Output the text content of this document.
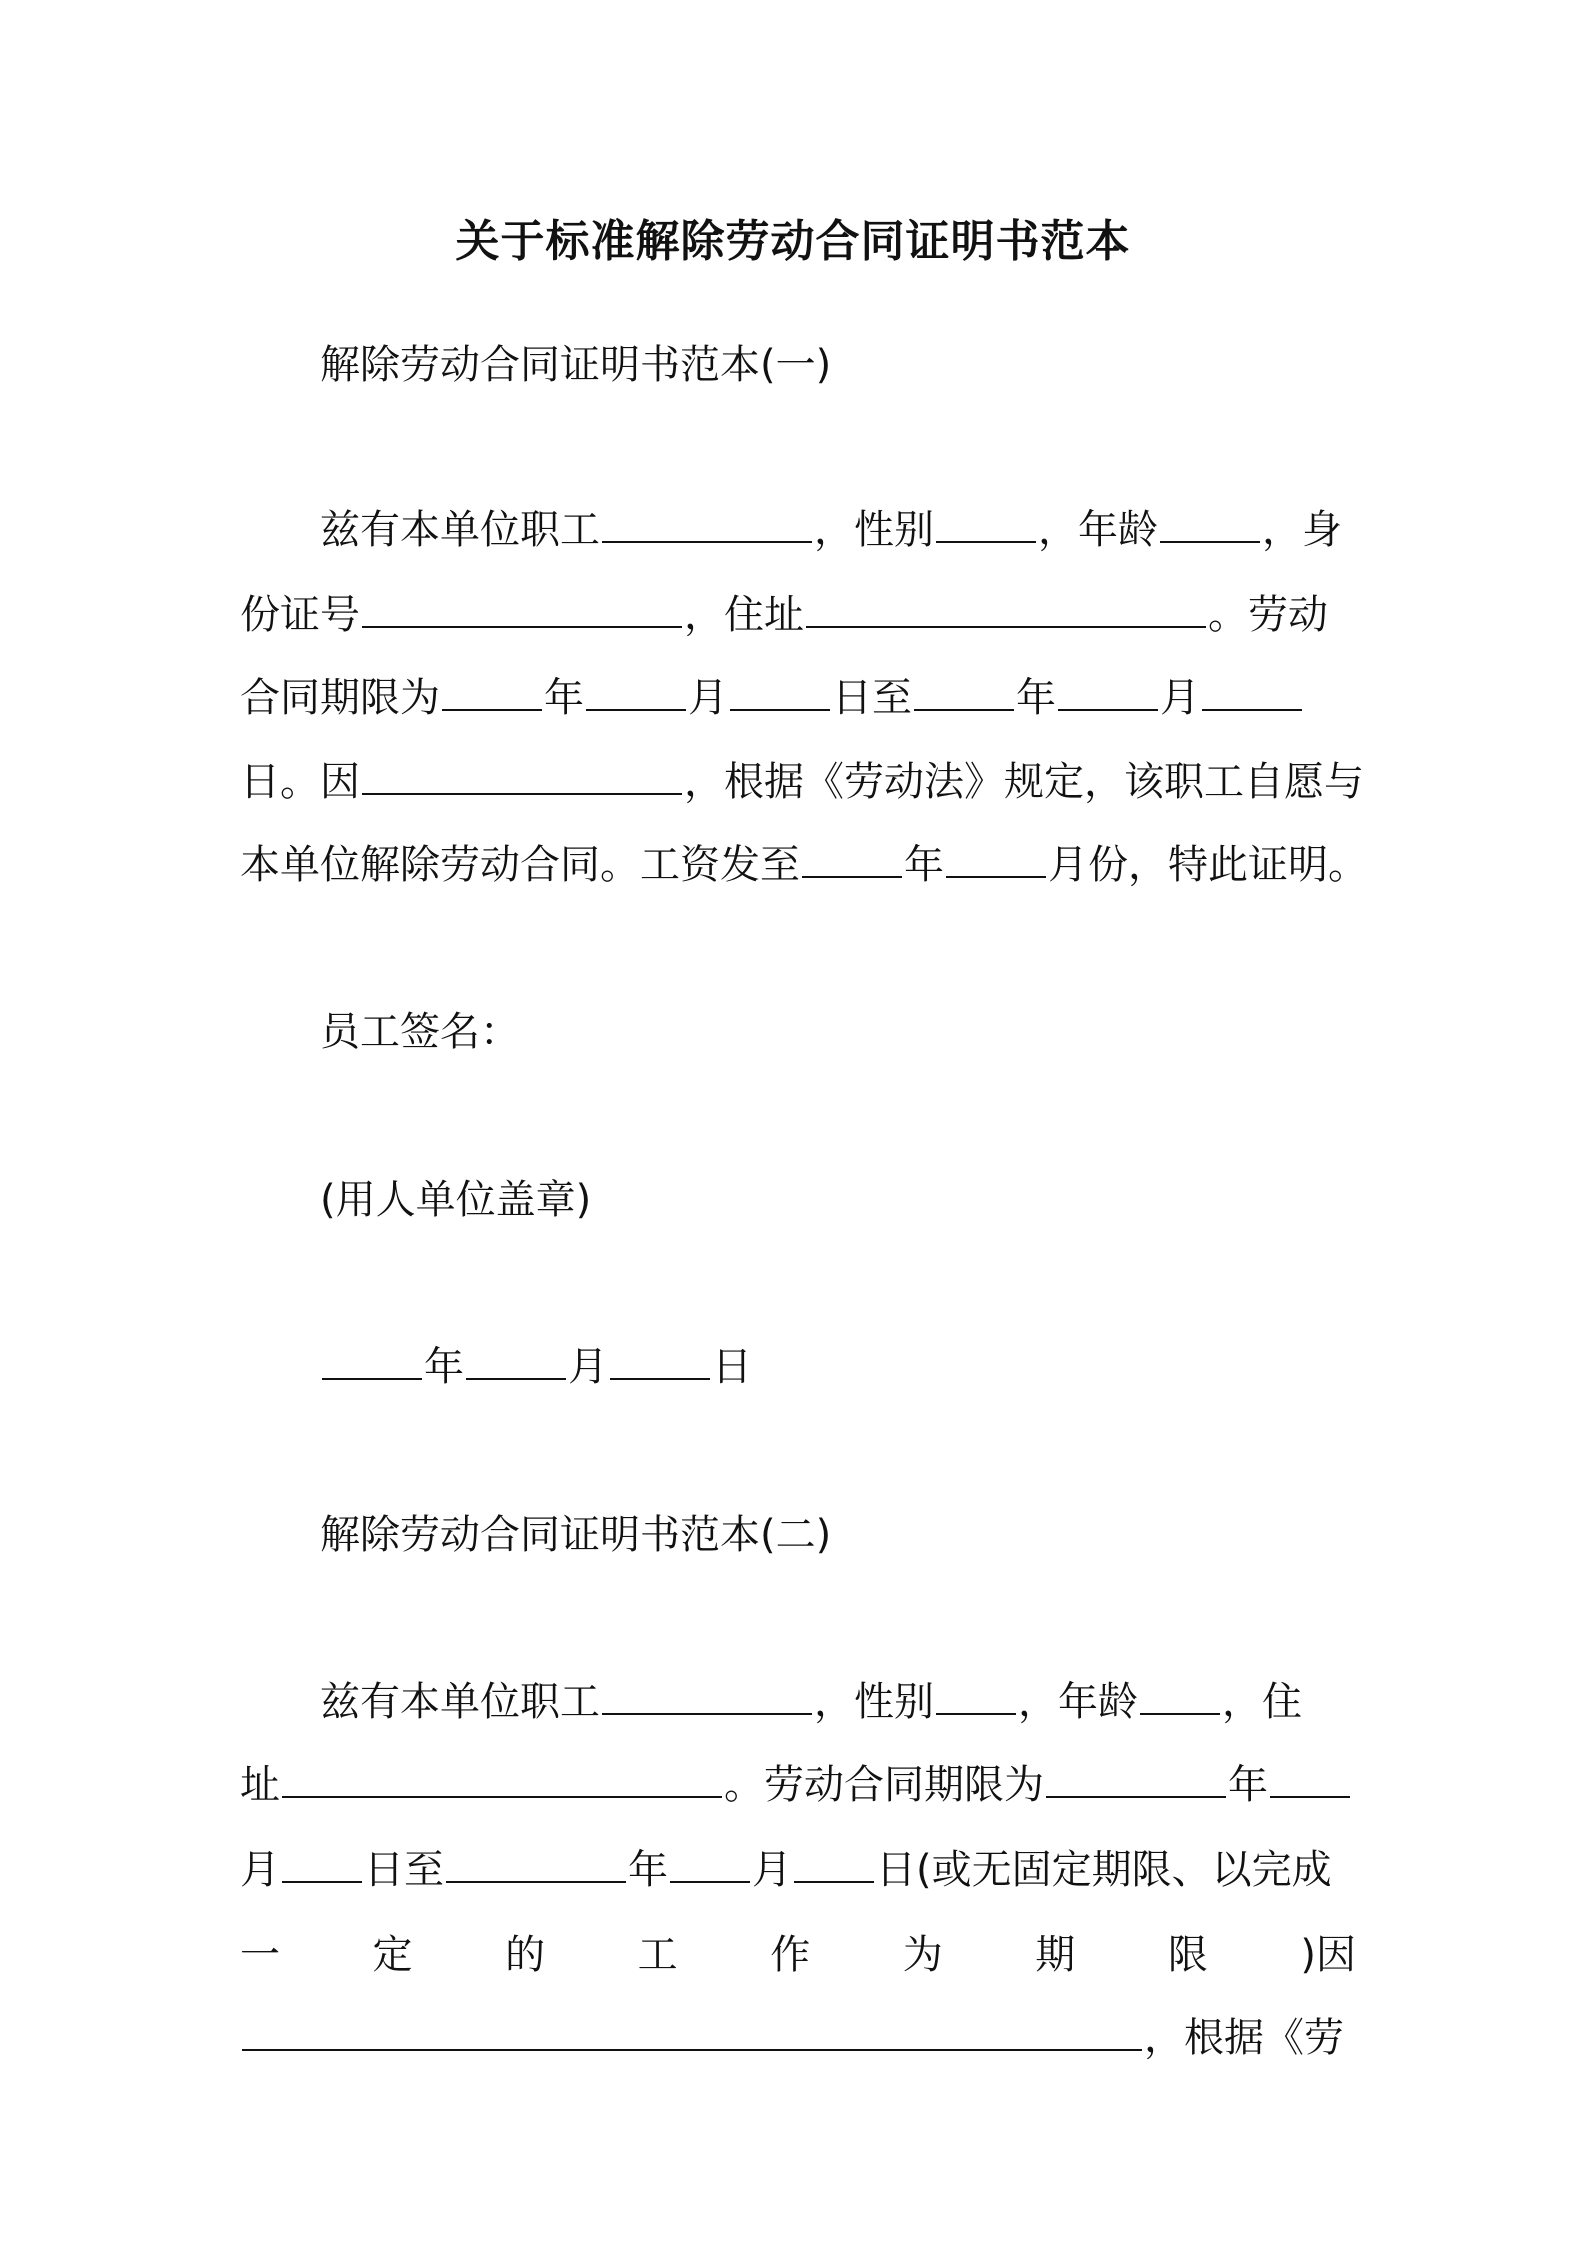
关于标准解除劳动合同证明书范本
解除劳动合同证明书范本(一)
兹有本单位职工	，性别	，年龄	，身
份证号	，住址	。劳动
合同期限为	年	月	日至	年	月
日。因	，根据《劳动法》规定，该职工自愿与
本单位解除劳动合同。工资发至	年	月份，特此证明。
员工签名：
(用人单位盖章)
年	月	日
解除劳动合同证明书范本(二)
兹有本单位职工	，性别 ，年龄 ，住
址	。劳动合同期限为	年
月 日至	年 月 日(或无固定期限、以完成
一 定 的 工 作 为 期 限 )因
，根据《劳
